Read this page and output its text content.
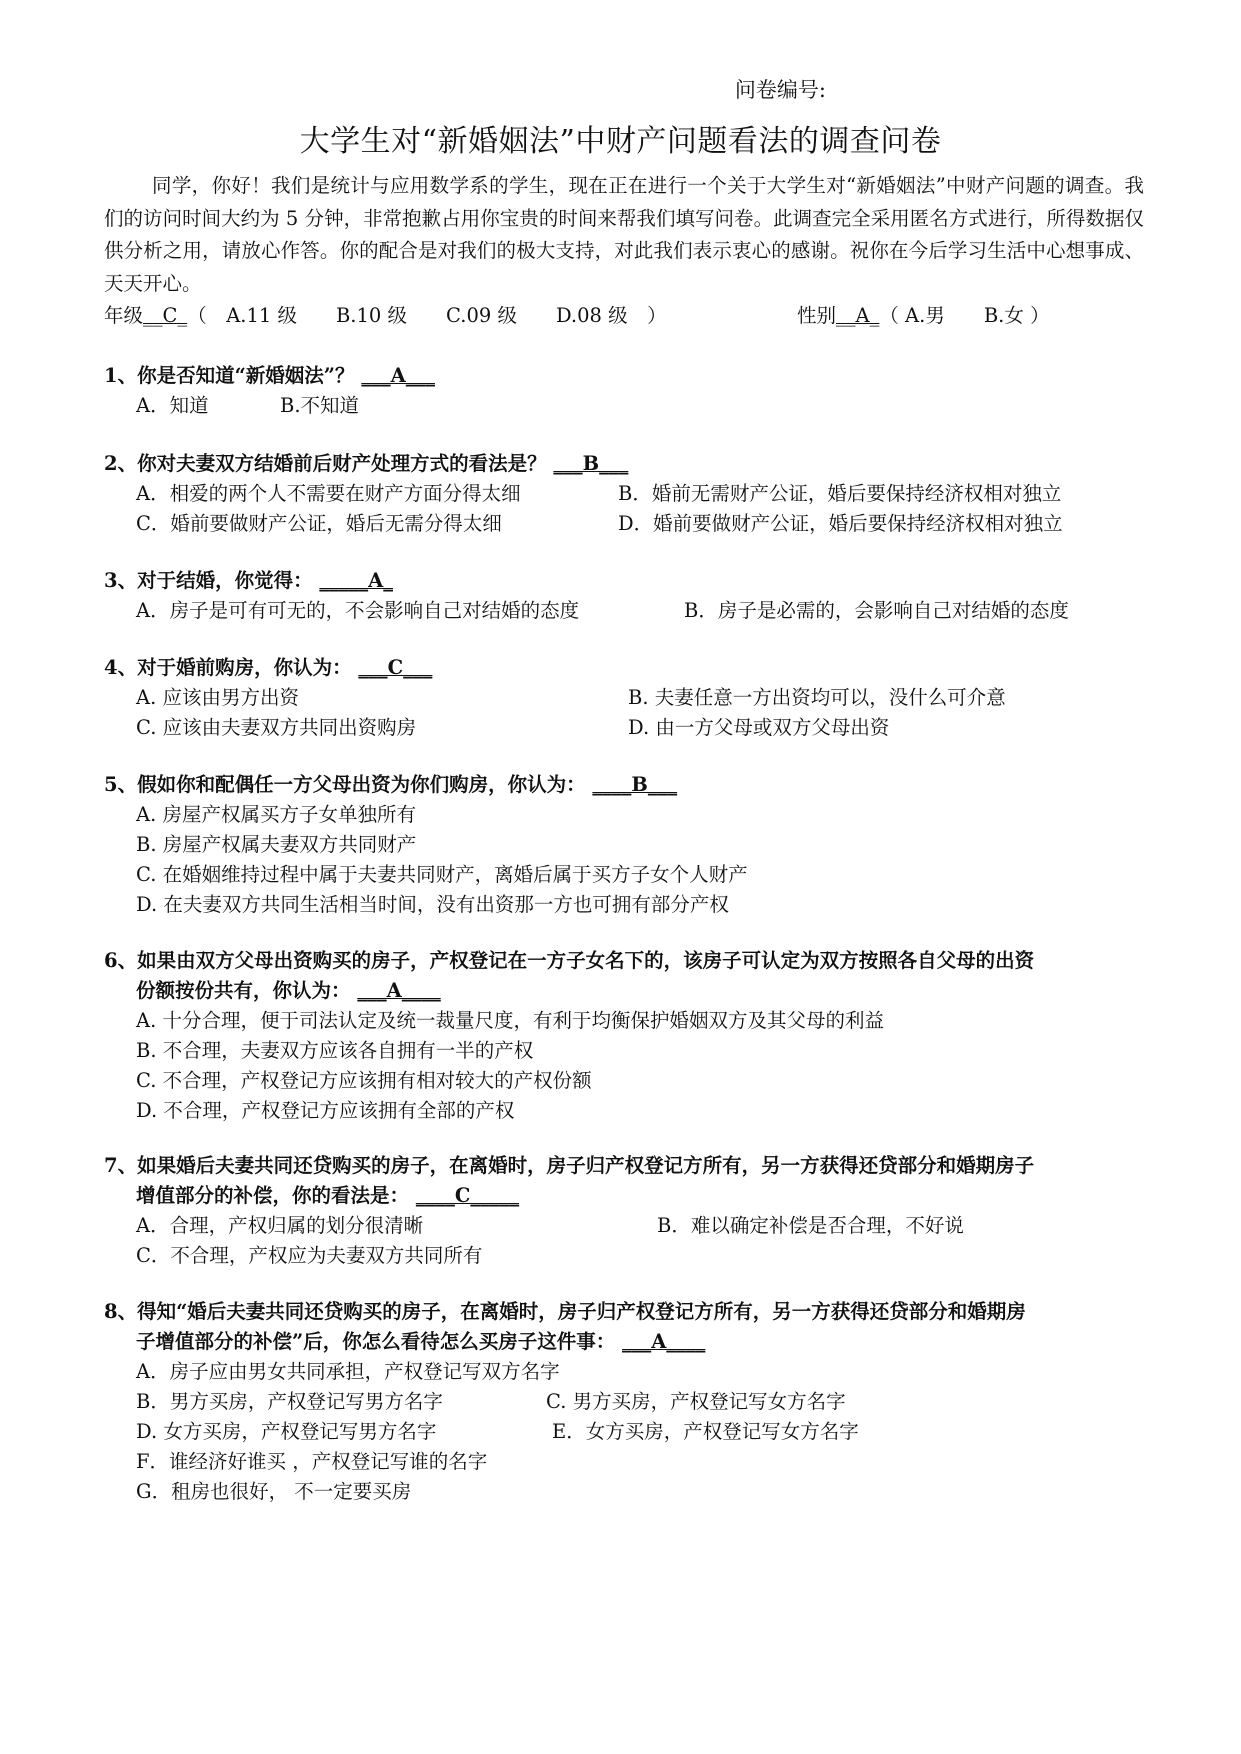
问卷编号:
大学生对“新婚姻法”中财产问题看法的调查问卷
同学，你好！我们是统计与应用数学系的学生，现在正在进行一个关于大学生对“新婚姻法”中财产问题的调查。我们的访问时间大约为 5 分钟，非常抱歉占用你宝贵的时间来帮我们填写问卷。此调查完全采用匿名方式进行，所得数据仅供分析之用，请放心作答。你的配合是对我们的极大支持，对此我们表示衷心的感谢。祝你在今后学习生活中心想事成、天天开心。
年级__C_（　A.11 级　　B.10 级　　C.09 级　　D.08 级　）	性别__A_（ A.男　　B.女 ）
1、你是否知道“新婚姻法”？ ___A___
A．知道	B.不知道
2、你对夫妻双方结婚前后财产处理方式的看法是？ ___B___
A．相爱的两个人不需要在财产方面分得太细	B．婚前无需财产公证，婚后要保持经济权相对独立
C．婚前要做财产公证，婚后无需分得太细	D．婚前要做财产公证，婚后要保持经济权相对独立
3、对于结婚，你觉得： _____A_
A．房子是可有可无的，不会影响自己对结婚的态度	B．房子是必需的，会影响自己对结婚的态度
4、对于婚前购房，你认为： ___C___
A. 应该由男方出资	B. 夫妻任意一方出资均可以，没什么可介意
C. 应该由夫妻双方共同出资购房	D. 由一方父母或双方父母出资
5、假如你和配偶任一方父母出资为你们购房，你认为： ____B___
A. 房屋产权属买方子女单独所有
B. 房屋产权属夫妻双方共同财产
C. 在婚姻维持过程中属于夫妻共同财产，离婚后属于买方子女个人财产
D. 在夫妻双方共同生活相当时间，没有出资那一方也可拥有部分产权
6、如果由双方父母出资购买的房子，产权登记在一方子女名下的，该房子可认定为双方按照各自父母的出资
份额按份共有，你认为： ___A____
A. 十分合理，便于司法认定及统一裁量尺度，有利于均衡保护婚姻双方及其父母的利益
B. 不合理，夫妻双方应该各自拥有一半的产权
C. 不合理，产权登记方应该拥有相对较大的产权份额
D. 不合理，产权登记方应该拥有全部的产权
7、如果婚后夫妻共同还贷购买的房子，在离婚时，房子归产权登记方所有，另一方获得还贷部分和婚期房子
增值部分的补偿，你的看法是： ____C_____
A．合理，产权归属的划分很清晰	B．难以确定补偿是否合理，不好说
C．不合理，产权应为夫妻双方共同所有
8、得知“婚后夫妻共同还贷购买的房子，在离婚时，房子归产权登记方所有，另一方获得还贷部分和婚期房
子增值部分的补偿”后，你怎么看待怎么买房子这件事： ___A____
A．房子应由男女共同承担，产权登记写双方名字
B．男方买房，产权登记写男方名字	C. 男方买房，产权登记写女方名字
D. 女方买房，产权登记写男方名字	E．女方买房，产权登记写女方名字
F．谁经济好谁买 ，产权登记写谁的名字
G．租房也很好， 不一定要买房
